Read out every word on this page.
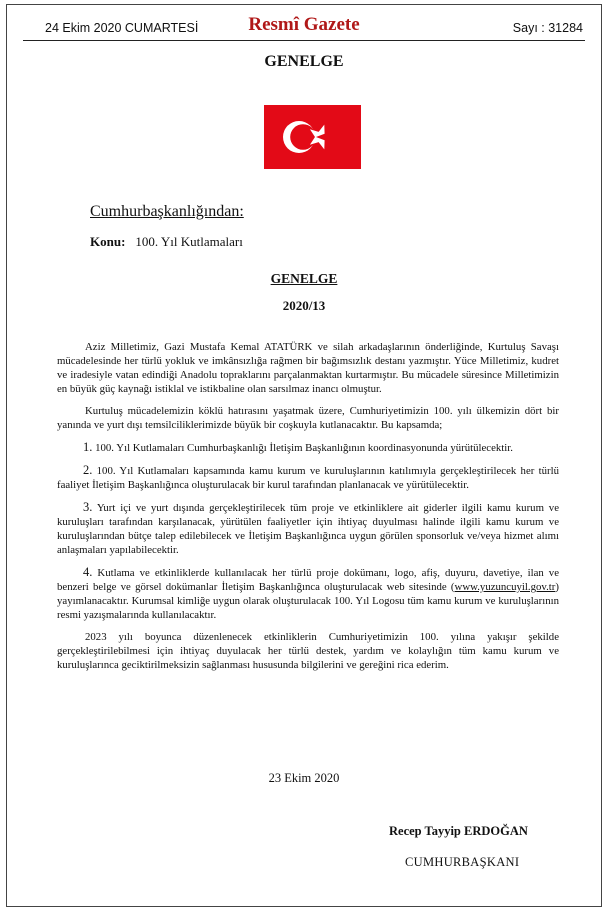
24 Ekim 2020 CUMARTESİ	Resmî Gazete	Sayı : 31284
GENELGE
Cumhurbaşkanlığından:
Konu: 100. Yıl Kutlamaları
GENELGE
2020/13

Aziz Milletimiz, Gazi Mustafa Kemal ATATÜRK ve silah arkadaşlarının önderliğinde, Kurtuluş Savaşı mücadelesinde her türlü yokluk ve imkânsızlığa rağmen bir bağımsızlık destanı yazmıştır. Yüce Milletimiz, kudret ve iradesiyle vatan edindiği Anadolu topraklarını parçalanmaktan kurtarmıştır. Bu mücadele süresince Milletimizin en büyük güç kaynağı istiklal ve istikbaline olan sarsılmaz inancı olmuştur.

Kurtuluş mücadelemizin köklü hatırasını yaşatmak üzere, Cumhuriyetimizin 100. yılı ülkemizin dört bir yanında ve yurt dışı temsilciliklerimizde büyük bir coşkuyla kutlanacaktır. Bu kapsamda;

1. 100. Yıl Kutlamaları Cumhurbaşkanlığı İletişim Başkanlığının koordinasyonunda yürütülecektir.

2. 100. Yıl Kutlamaları kapsamında kamu kurum ve kuruluşlarının katılımıyla gerçekleştirilecek her türlü faaliyet İletişim Başkanlığınca oluşturulacak bir kurul tarafından planlanacak ve yürütülecektir.

3. Yurt içi ve yurt dışında gerçekleştirilecek tüm proje ve etkinliklere ait giderler ilgili kamu kurum ve kuruluşları tarafından karşılanacak, yürütülen faaliyetler için ihtiyaç duyulması halinde ilgili kamu kurum ve kuruluşlarından bütçe talep edilebilecek ve İletişim Başkanlığınca uygun görülen sponsorluk ve/veya hizmet alımı anlaşmaları yapılabilecektir.

4. Kutlama ve etkinliklerde kullanılacak her türlü proje dokümanı, logo, afiş, duyuru, davetiye, ilan ve benzeri belge ve görsel dokümanlar İletişim Başkanlığınca oluşturulacak web sitesinde (www.yuzuncuyil.gov.tr) yayımlanacaktır. Kurumsal kimliğe uygun olarak oluşturulacak 100. Yıl Logosu tüm kamu kurum ve kuruluşlarının resmi yazışmalarında kullanılacaktır.

2023 yılı boyunca düzenlenecek etkinliklerin Cumhuriyetimizin 100. yılına yakışır şekilde gerçekleştirilebilmesi için ihtiyaç duyulacak her türlü destek, yardım ve kolaylığın tüm kamu kurum ve kuruluşlarınca geciktirilmeksizin sağlanması hususunda bilgilerini ve gereğini rica ederim.

23 Ekim 2020
Recep Tayyip ERDOĞAN
CUMHURBAŞKANI
